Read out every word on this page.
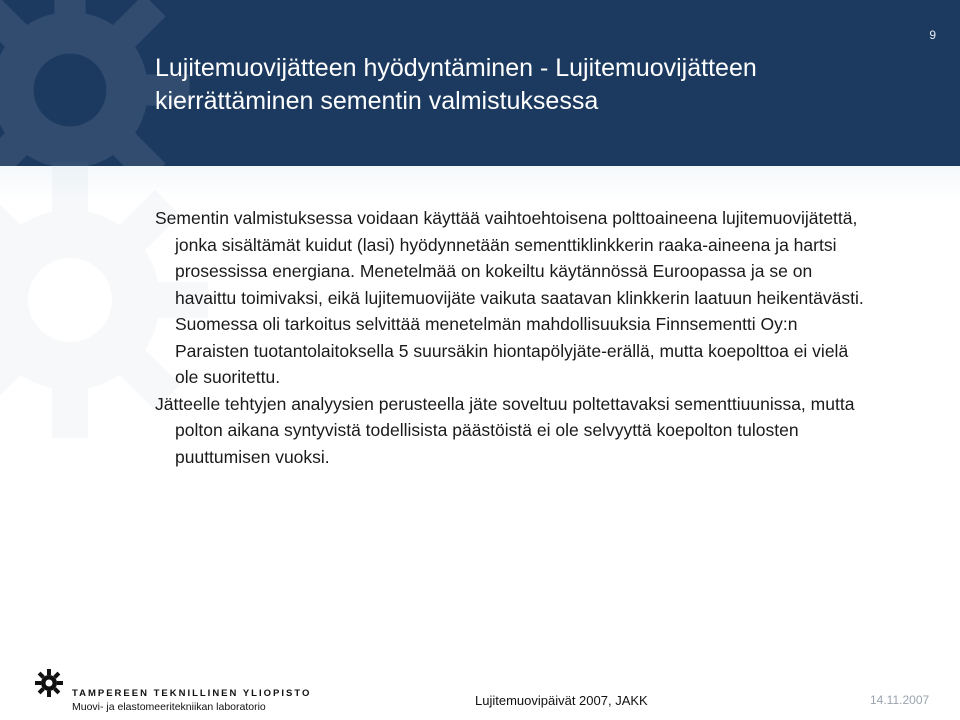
9
Lujitemuovijätteen hyödyntäminen - Lujitemuovijätteen
kierrättäminen sementin valmistuksessa

Sementin valmistuksessa voidaan käyttää vaihtoehtoisena polttoaineena lujitemuovijätettä, jonka sisältämät kuidut (lasi) hyödynnetään sementtiklinkkerin raaka-aineena ja hartsi prosessissa energiana. Menetelmää on kokeiltu käytännössä Euroopassa ja se on havaittu toimivaksi, eikä lujitemuovijäte vaikuta saatavan klinkkerin laatuun heikentävästi. Suomessa oli tarkoitus selvittää menetelmän mahdollisuuksia Finnsementti Oy:n Paraisten tuotantolaitoksella 5 suursäkin hiontapölyjäte-erällä, mutta koepolttoa ei vielä ole suoritettu.

Jätteelle tehtyjen analyysien perusteella jäte soveltuu poltettavaksi sementtiuunissa, mutta polton aikana syntyvistä todellisista päästöistä ei ole selvyyttä koepolton tulosten puuttumisen vuoksi.

TAMPEREEN TEKNILLINEN YLIOPISTO
Muovi- ja elastomeeritekniikan laboratorio	Lujitemuovipäivät 2007, JAKK	14.11.2007
